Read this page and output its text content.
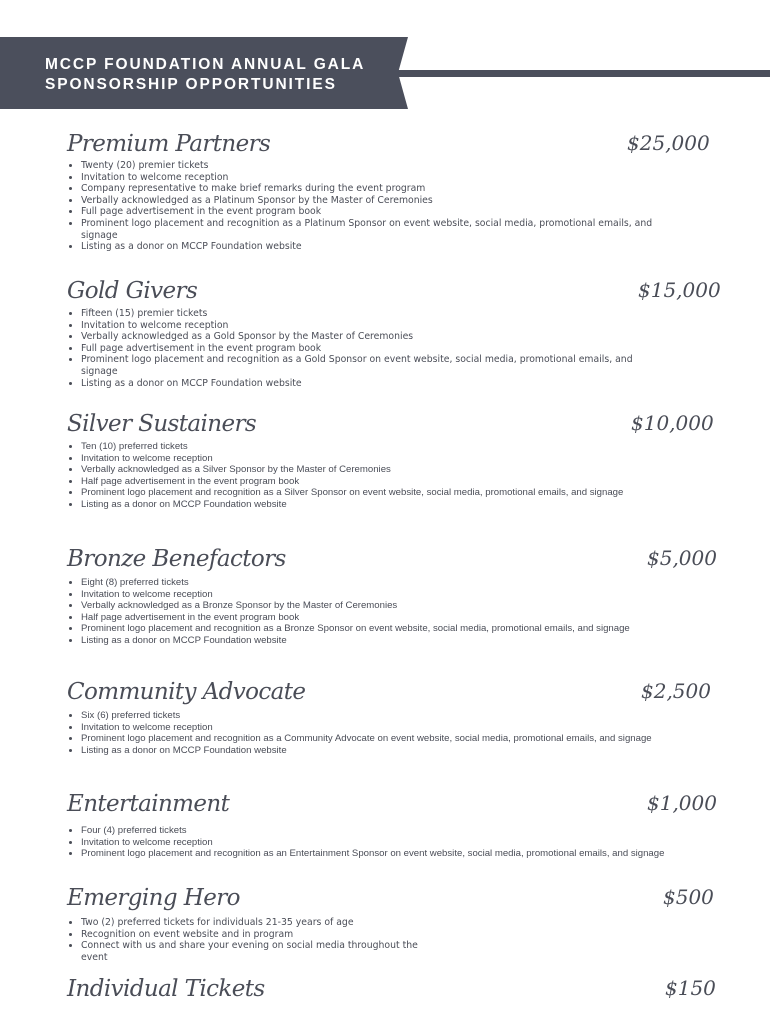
MCCP FOUNDATION ANNUAL GALA
SPONSORSHIP OPPORTUNITIES
Premium Partners	$25,000
• Twenty (20) premier tickets
• Invitation to welcome reception
• Company representative to make brief remarks during the event program
• Verbally acknowledged as a Platinum Sponsor by the Master of Ceremonies
• Full page advertisement in the event program book
• Prominent logo placement and recognition as a Platinum Sponsor on event website, social media, promotional emails, and signage
• Listing as a donor on MCCP Foundation website
Gold Givers	$15,000
• Fifteen (15) premier tickets
• Invitation to welcome reception
• Verbally acknowledged as a Gold Sponsor by the Master of Ceremonies
• Full page advertisement in the event program book
• Prominent logo placement and recognition as a Gold Sponsor on event website, social media, promotional emails, and signage
• Listing as a donor on MCCP Foundation website
Silver Sustainers	$10,000
• Ten (10) preferred tickets
• Invitation to welcome reception
• Verbally acknowledged as a Silver Sponsor by the Master of Ceremonies
• Half page advertisement in the event program book
• Prominent logo placement and recognition as a Silver Sponsor on event website, social media, promotional emails, and signage
• Listing as a donor on MCCP Foundation website
Bronze Benefactors	$5,000
• Eight (8) preferred tickets
• Invitation to welcome reception
• Verbally acknowledged as a Bronze Sponsor by the Master of Ceremonies
• Half page advertisement in the event program book
• Prominent logo placement and recognition as a Bronze Sponsor on event website, social media, promotional emails, and signage
• Listing as a donor on MCCP Foundation website
Community Advocate	$2,500
• Six (6) preferred tickets
• Invitation to welcome reception
• Prominent logo placement and recognition as a Community Advocate on event website, social media, promotional emails, and signage
• Listing as a donor on MCCP Foundation website
Entertainment	$1,000
• Four (4) preferred tickets
• Invitation to welcome reception
• Prominent logo placement and recognition as an Entertainment Sponsor on event website, social media, promotional emails, and signage
Emerging Hero	$500
• Two (2) preferred tickets for individuals 21-35 years of age
• Recognition on event website and in program
• Connect with us and share your evening on social media throughout the event
Individual Tickets	$150
